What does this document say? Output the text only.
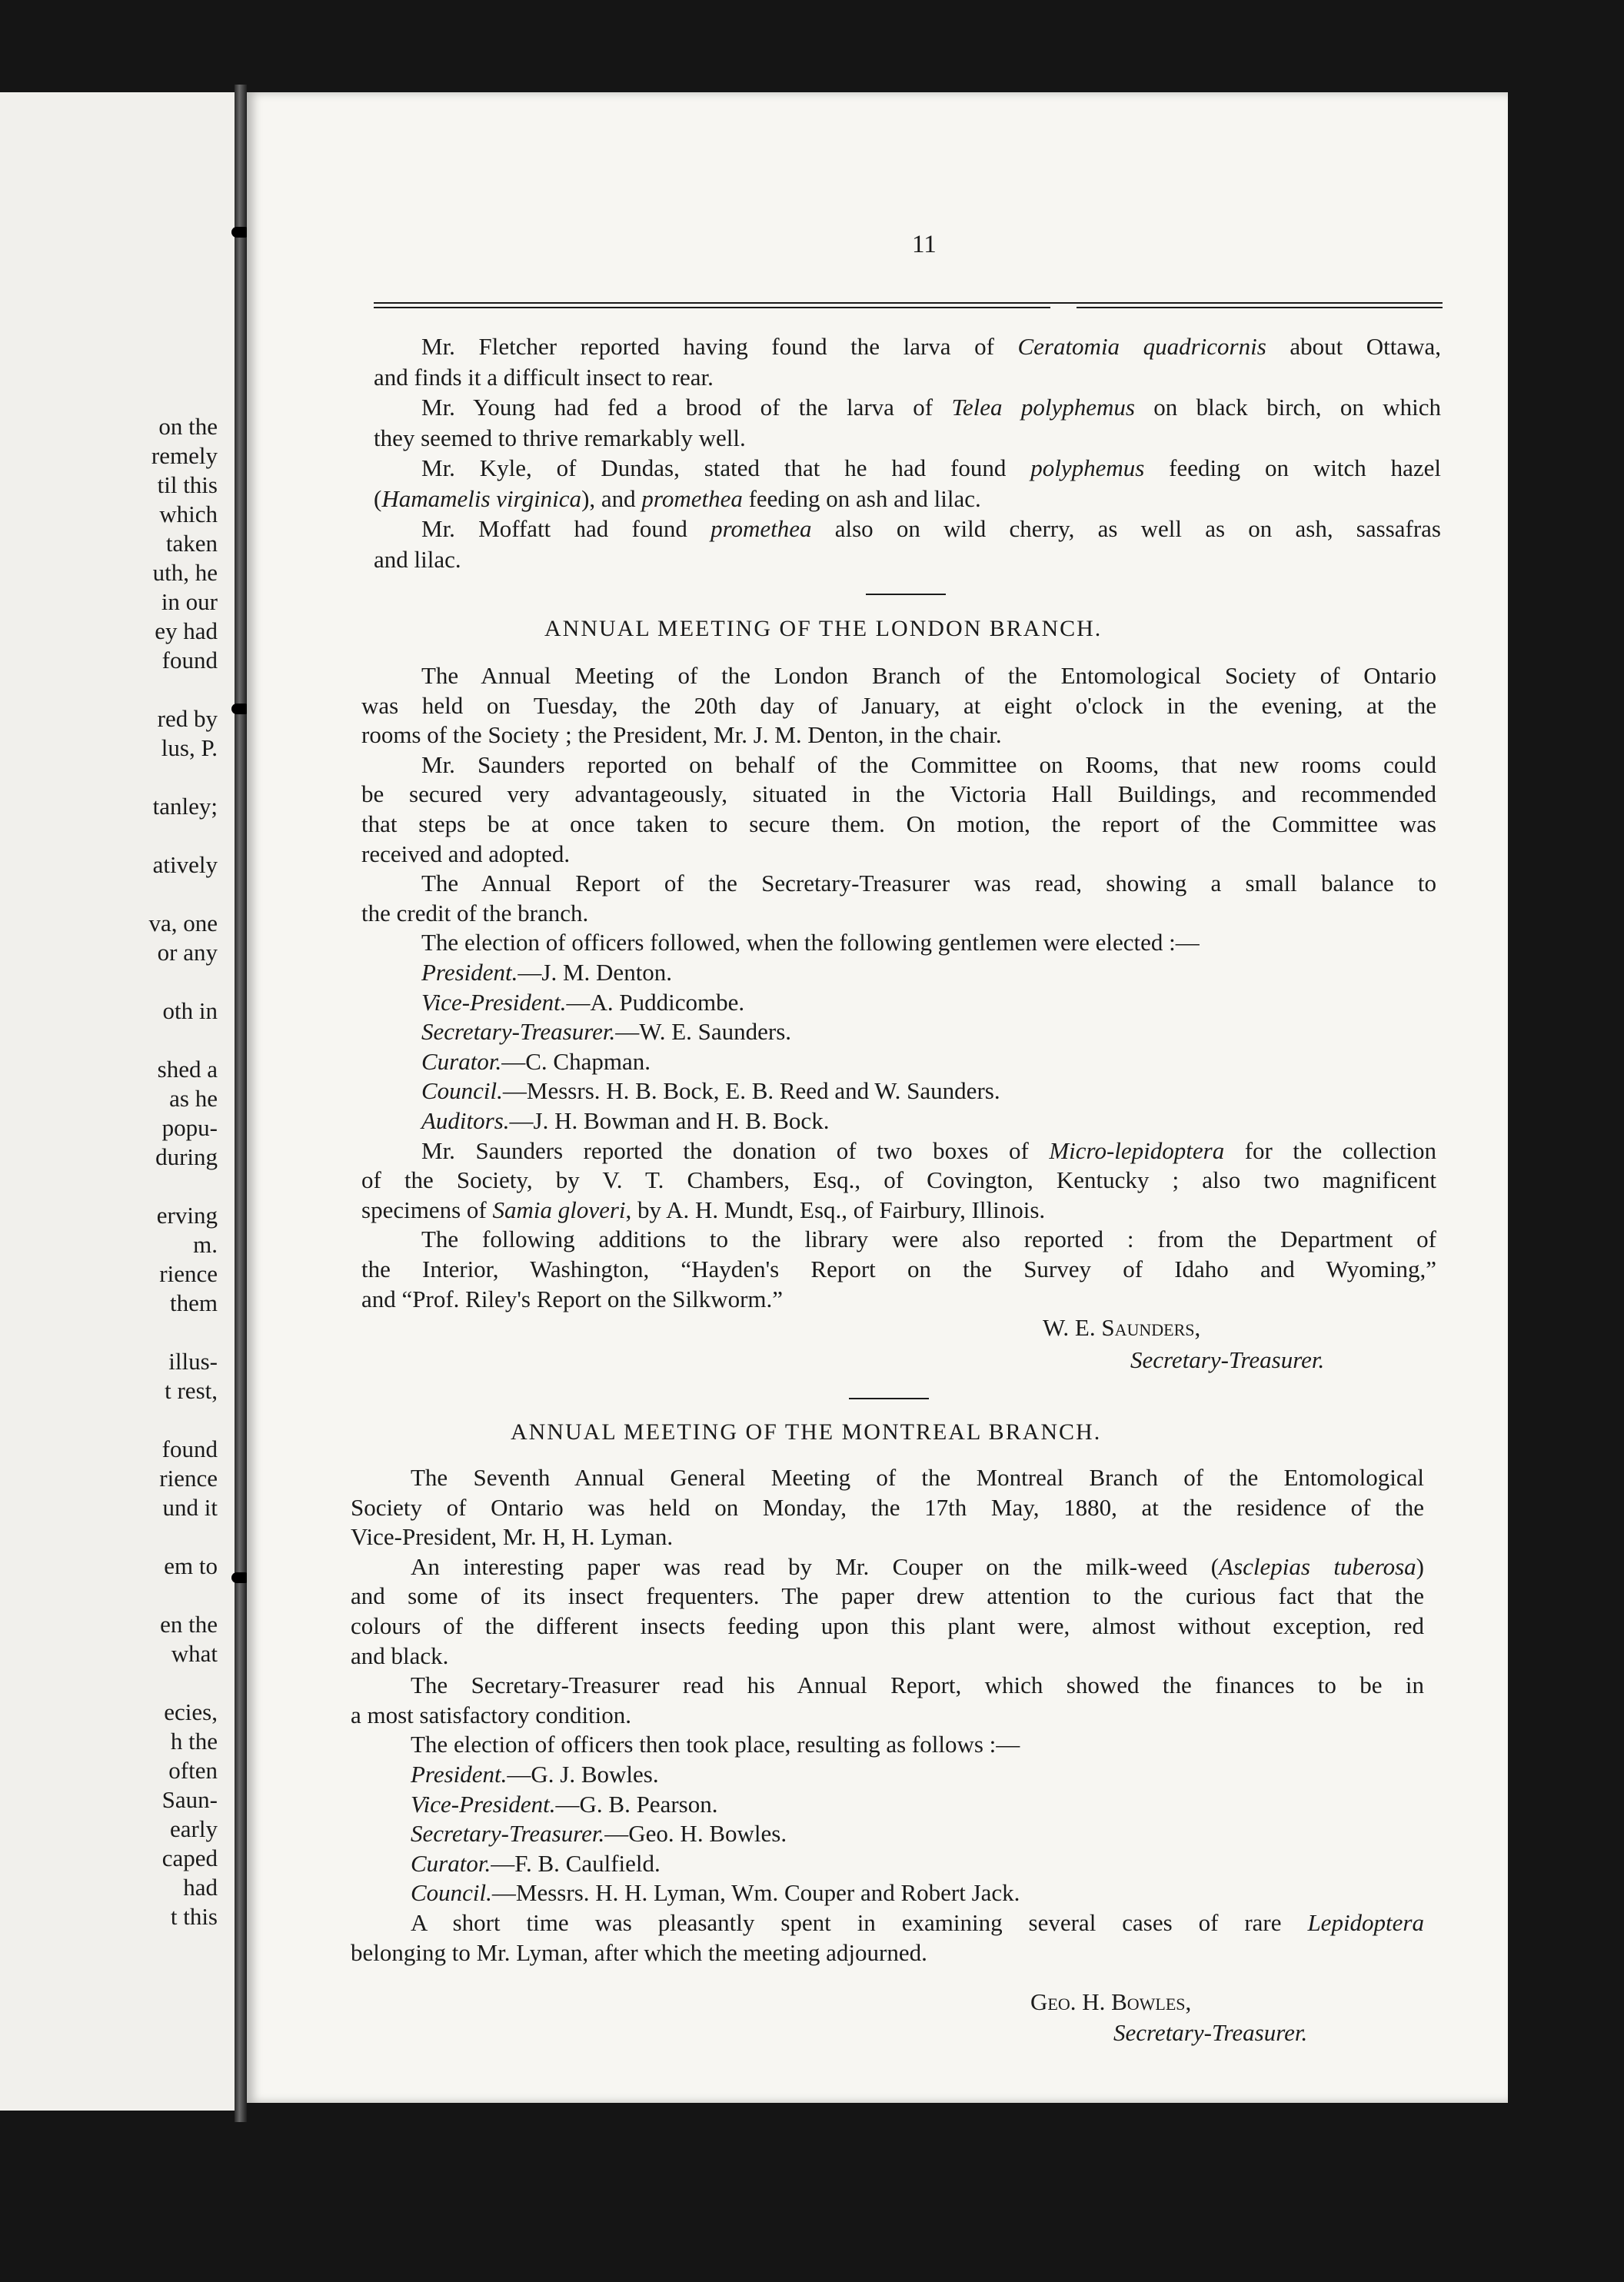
on the
remely
til this
which
taken
uth, he
in our
ey had
found
red by
lus, P.
tanley;
atively
va, one
or any
oth in
shed a
as he
popu-
during
erving
m.
rience
them
illus-
t rest,
found
rience
und it
em to
en the
what
ecies,
h the
often
Saun-
early
caped
had
t this
11
Mr. Fletcher reported having found the larva of Ceratomia quadricornis about Ottawa,
and finds it a difficult insect to rear.
Mr. Young had fed a brood of the larva of Telea polyphemus on black birch, on which
they seemed to thrive remarkably well.
Mr. Kyle, of Dundas, stated that he had found polyphemus feeding on witch hazel
(Hamamelis virginica), and promethea feeding on ash and lilac.
Mr. Moffatt had found promethea also on wild cherry, as well as on ash, sassafras
and lilac.
ANNUAL MEETING OF THE LONDON BRANCH.
The Annual Meeting of the London Branch of the Entomological Society of Ontario
was held on Tuesday, the 20th day of January, at eight o'clock in the evening, at the
rooms of the Society ; the President, Mr. J. M. Denton, in the chair.
Mr. Saunders reported on behalf of the Committee on Rooms, that new rooms could
be secured very advantageously, situated in the Victoria Hall Buildings, and recommended
that steps be at once taken to secure them. On motion, the report of the Committee was
received and adopted.
The Annual Report of the Secretary-Treasurer was read, showing a small balance to
the credit of the branch.
The election of officers followed, when the following gentlemen were elected :—
President.—J. M. Denton.
Vice-President.—A. Puddicombe.
Secretary-Treasurer.—W. E. Saunders.
Curator.—C. Chapman.
Council.—Messrs. H. B. Bock, E. B. Reed and W. Saunders.
Auditors.—J. H. Bowman and H. B. Bock.
Mr. Saunders reported the donation of two boxes of Micro-lepidoptera for the collection
of the Society, by V. T. Chambers, Esq., of Covington, Kentucky ; also two magnificent
specimens of Samia gloveri, by A. H. Mundt, Esq., of Fairbury, Illinois.
The following additions to the library were also reported : from the Department of
the Interior, Washington, “Hayden's Report on the Survey of Idaho and Wyoming,”
and “Prof. Riley's Report on the Silkworm.”
W. E. Saunders,
Secretary-Treasurer.
ANNUAL MEETING OF THE MONTREAL BRANCH.
The Seventh Annual General Meeting of the Montreal Branch of the Entomological
Society of Ontario was held on Monday, the 17th May, 1880, at the residence of the
Vice-President, Mr. H, H. Lyman.
An interesting paper was read by Mr. Couper on the milk-weed (Asclepias tuberosa)
and some of its insect frequenters. The paper drew attention to the curious fact that the
colours of the different insects feeding upon this plant were, almost without exception, red
and black.
The Secretary-Treasurer read his Annual Report, which showed the finances to be in
a most satisfactory condition.
The election of officers then took place, resulting as follows :—
President.—G. J. Bowles.
Vice-President.—G. B. Pearson.
Secretary-Treasurer.—Geo. H. Bowles.
Curator.—F. B. Caulfield.
Council.—Messrs. H. H. Lyman, Wm. Couper and Robert Jack.
A short time was pleasantly spent in examining several cases of rare Lepidoptera
belonging to Mr. Lyman, after which the meeting adjourned.
Geo. H. Bowles,
Secretary-Treasurer.
